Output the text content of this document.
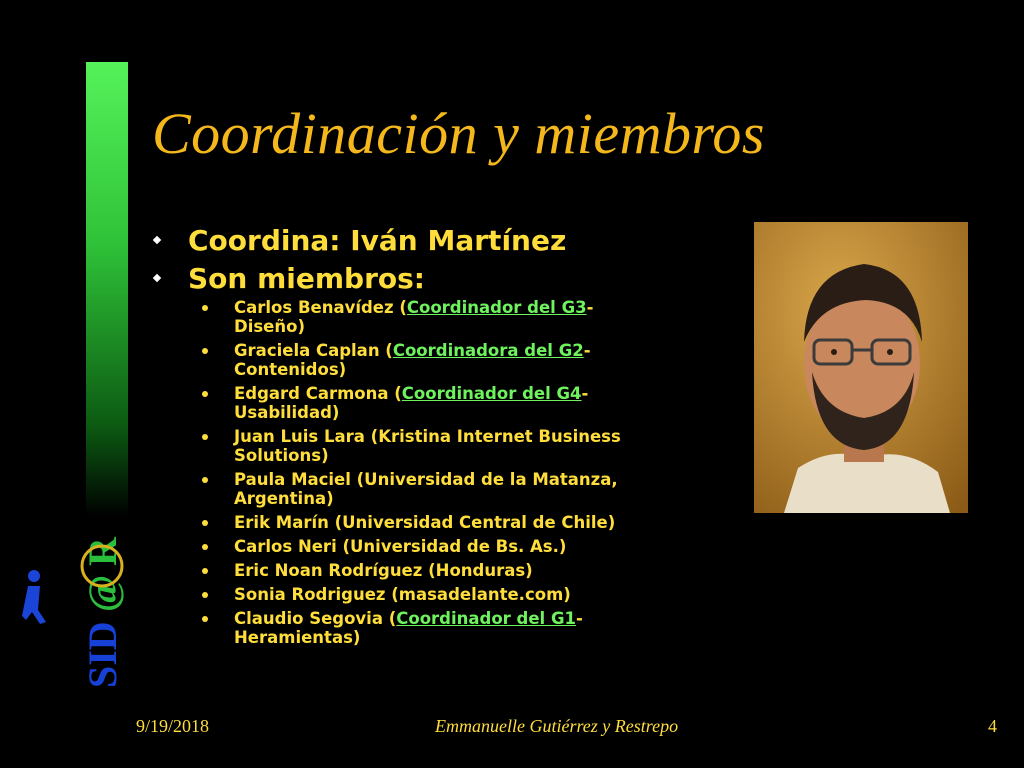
SID
@
R
Coordinación y miembros
Coordina: Iván Martínez
Son miembros:
Carlos Benavídez (Coordinador del G3-
Diseño)
Graciela Caplan (Coordinadora del G2-
Contenidos)
Edgard Carmona (Coordinador del G4-
Usabilidad)
Juan Luis Lara (Kristina Internet Business
Solutions)
Paula Maciel (Universidad de la Matanza,
Argentina)
Erik Marín (Universidad Central de Chile)
Carlos Neri (Universidad de Bs. As.)
Eric Noan Rodríguez (Honduras)
Sonia Rodriguez (masadelante.com)
Claudio Segovia (Coordinador del G1-
Heramientas)
9/19/2018	Emmanuelle Gutiérrez y Restrepo	4
